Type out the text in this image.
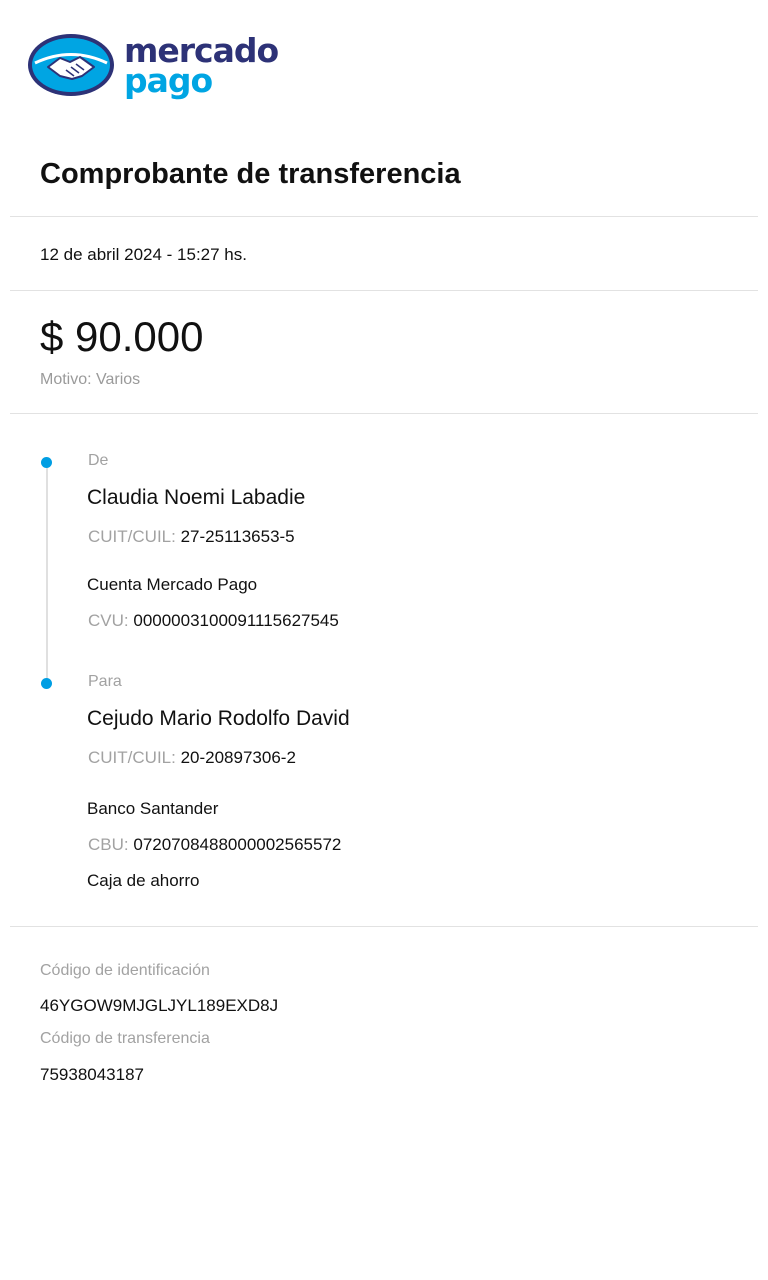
mercado
pago
Comprobante de transferencia
12 de abril 2024 - 15:27 hs.
$ 90.000
Motivo: Varios
De
Claudia Noemi Labadie
CUIT/CUIL: 27-25113653-5
Cuenta Mercado Pago
CVU: 0000003100091115627545
Para
Cejudo Mario Rodolfo David
CUIT/CUIL: 20-20897306-2
Banco Santander
CBU: 0720708488000002565572
Caja de ahorro
Código de identificación
46YGOW9MJGLJYL189EXD8J
Código de transferencia
75938043187
